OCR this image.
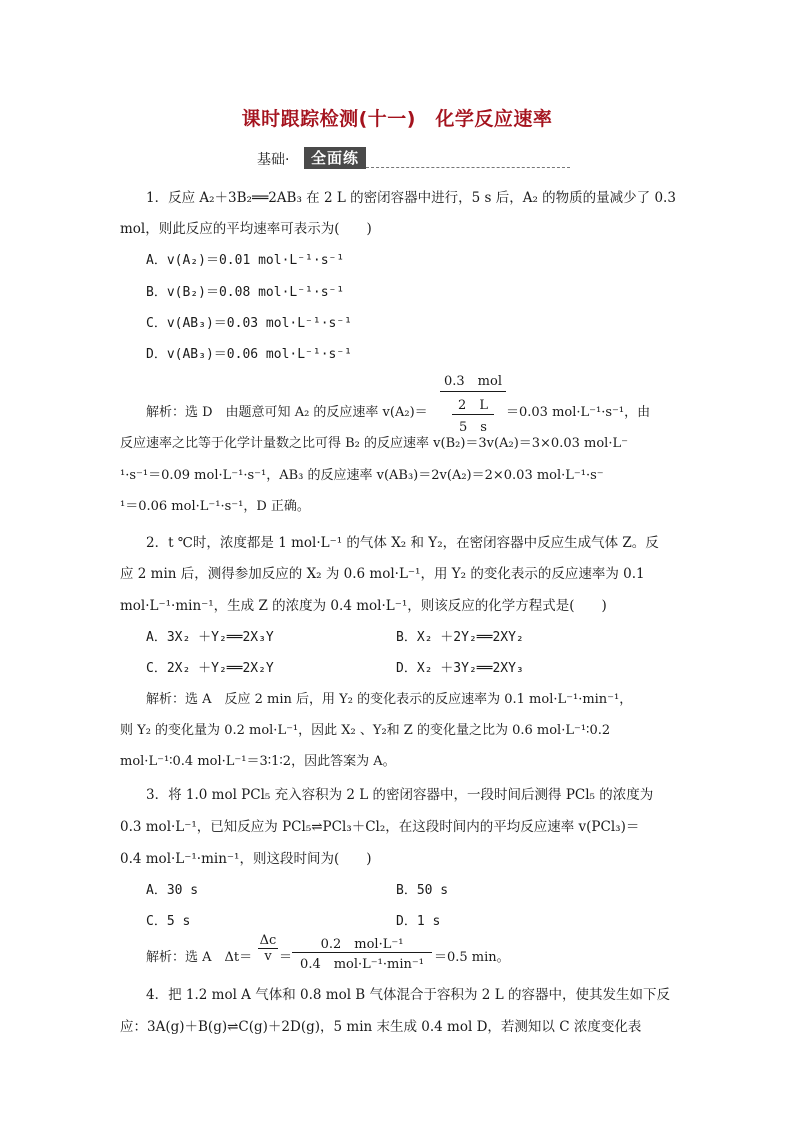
课时跟踪检测(十一)　化学反应速率
基础·	全面练
1．反应 A₂＋3B₂══2AB₃ 在 2 L 的密闭容器中进行，5 s 后，A₂ 的物质的量减少了 0.3
mol，则此反应的平均速率可表示为(　　)
A．v(A₂)＝0.01 mol·L⁻¹·s⁻¹
B．v(B₂)＝0.08 mol·L⁻¹·s⁻¹
C．v(AB₃)＝0.03 mol·L⁻¹·s⁻¹
D．v(AB₃)＝0.06 mol·L⁻¹·s⁻¹
0.3　mol
2　L
5　s
解析：选 D　由题意可知 A₂ 的反应速率 v(A₂)＝	＝0.03 mol·L⁻¹·s⁻¹，由
反应速率之比等于化学计量数之比可得 B₂ 的反应速率 v(B₂)＝3v(A₂)＝3×0.03 mol·L⁻
¹·s⁻¹＝0.09 mol·L⁻¹·s⁻¹，AB₃ 的反应速率 v(AB₃)＝2v(A₂)＝2×0.03 mol·L⁻¹·s⁻
¹＝0.06 mol·L⁻¹·s⁻¹，D 正确。
2．t ℃时，浓度都是 1 mol·L⁻¹ 的气体 X₂ 和 Y₂，在密闭容器中反应生成气体 Z。反
应 2 min 后，测得参加反应的 X₂ 为 0.6 mol·L⁻¹，用 Y₂ 的变化表示的反应速率为 0.1
mol·L⁻¹·min⁻¹，生成 Z 的浓度为 0.4 mol·L⁻¹，则该反应的化学方程式是(　　)
A．3X₂ ＋Y₂══2X₃Y	B．X₂ ＋2Y₂══2XY₂
C．2X₂ ＋Y₂══2X₂Y	D．X₂ ＋3Y₂══2XY₃
解析：选 A　反应 2 min 后，用 Y₂ 的变化表示的反应速率为 0.1 mol·L⁻¹·min⁻¹，
则 Y₂ 的变化量为 0.2 mol·L⁻¹，因此 X₂ 、Y₂和 Z 的变化量之比为 0.6 mol·L⁻¹∶0.2
mol·L⁻¹∶0.4 mol·L⁻¹＝3∶1∶2，因此答案为 A。
3．将 1.0 mol PCl₅ 充入容积为 2 L 的密闭容器中，一段时间后测得 PCl₅ 的浓度为
0.3 mol·L⁻¹，已知反应为 PCl₅⇌PCl₃＋Cl₂，在这段时间内的平均反应速率 v(PCl₃)＝
0.4 mol·L⁻¹·min⁻¹，则这段时间为(　　)
A．30 s	B．50 s
C．5 s	D．1 s
解析：选 A　$\Delta t= \frac{\Delta c}{v}$ ＝
0.2　mol·L⁻¹
0.4　mol·L⁻¹·min⁻¹ ＝0.5 min。
4．把 1.2 mol A 气体和 0.8 mol B 气体混合于容积为 2 L 的容器中，使其发生如下反
应：3A(g)＋B(g)⇌C(g)＋2D(g)，5 min 末生成 0.4 mol D，若测知以 C 浓度变化表
